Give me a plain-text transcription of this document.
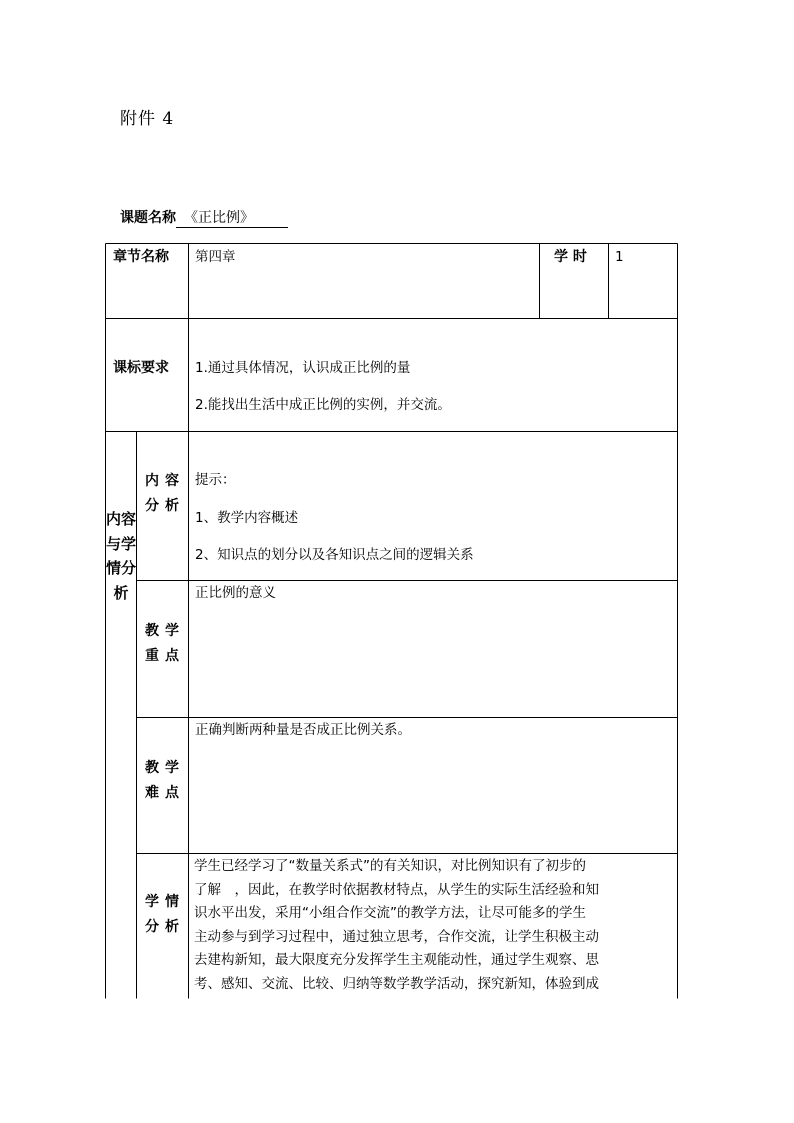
附件 4
课题名称 《正比例》
章节名称 第四章	学 时 1
课标要求 1.通过具体情况，认识成正比例的量
2.能找出生活中成正比例的实例，并交流。
内容与学情分析
内容分析
提示：
1、教学内容概述
2、知识点的划分以及各知识点之间的逻辑关系
教学重点
正比例的意义
教学难点
正确判断两种量是否成正比例关系。
学情分析
学生已经学习了“数量关系式”的有关知识，对比例知识有了初步的
了解　，因此，在教学时依据教材特点，从学生的实际生活经验和知
识水平出发，采用“小组合作交流”的教学方法，让尽可能多的学生
主动参与到学习过程中，通过独立思考，合作交流，让学生积极主动
去建构新知，最大限度充分发挥学生主观能动性，通过学生观察、思
考、感知、交流、比较、归纳等数学教学活动，探究新知，体验到成
